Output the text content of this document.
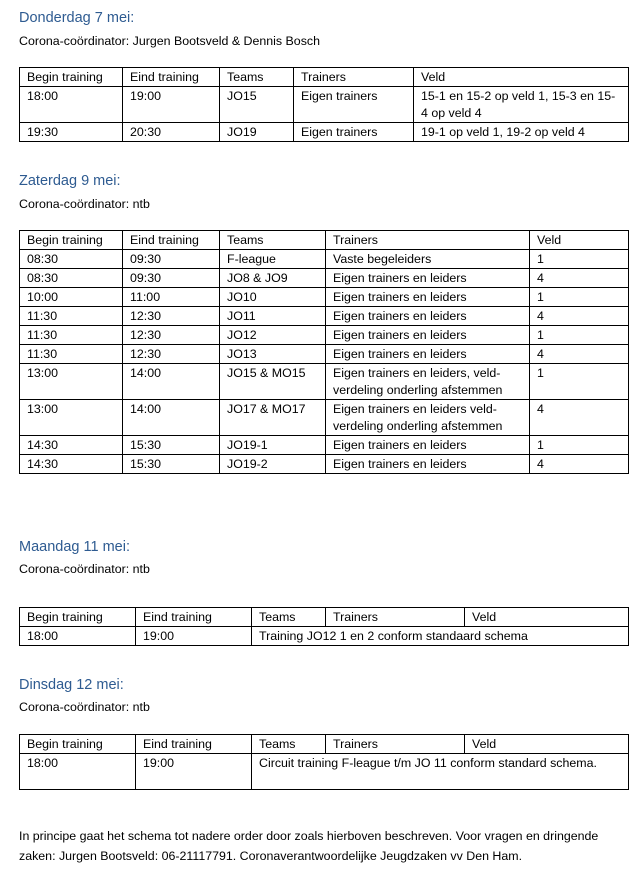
Donderdag 7 mei:

Corona-coördinator: Jurgen Bootsveld & Dennis Bosch

Begin training	Eind training	Teams	Trainers	Veld
18:00	19:00	JO15	Eigen trainers	15-1 en 15-2 op veld 1, 15-3 en 15-4 op veld 4
19:30	20:30	JO19	Eigen trainers	19-1 op veld 1, 19-2 op veld 4
Zaterdag 9 mei:

Corona-coördinator: ntb

Begin training	Eind training	Teams	Trainers	Veld
08:30	09:30	F-league	Vaste begeleiders	1
08:30	09:30	JO8 & JO9	Eigen trainers en leiders	4
10:00	11:00	JO10	Eigen trainers en leiders	1
11:30	12:30	JO11	Eigen trainers en leiders	4
11:30	12:30	JO12	Eigen trainers en leiders	1
11:30	12:30	JO13	Eigen trainers en leiders	4
13:00	14:00	JO15 & MO15	Eigen trainers en leiders, veld-verdeling onderling afstemmen	1
13:00	14:00	JO17 & MO17	Eigen trainers en leiders veld-verdeling onderling afstemmen	4
14:30	15:30	JO19-1	Eigen trainers en leiders	1
14:30	15:30	JO19-2	Eigen trainers en leiders	4
Maandag 11 mei:

Corona-coördinator: ntb

Begin training	Eind training	Teams	Trainers	Veld
18:00	19:00	Training JO12 1 en 2 conform standaard schema		
Dinsdag 12 mei:

Corona-coördinator: ntb

Begin training	Eind training	Teams	Trainers	Veld
18:00	19:00	Circuit training F-league t/m JO 11 conform standard schema.		

In principe gaat het schema tot nadere order door zoals hierboven beschreven. Voor vragen en dringende zaken: Jurgen Bootsveld: 06-21117791. Coronaverantwoordelijke Jeugdzaken vv Den Ham.
